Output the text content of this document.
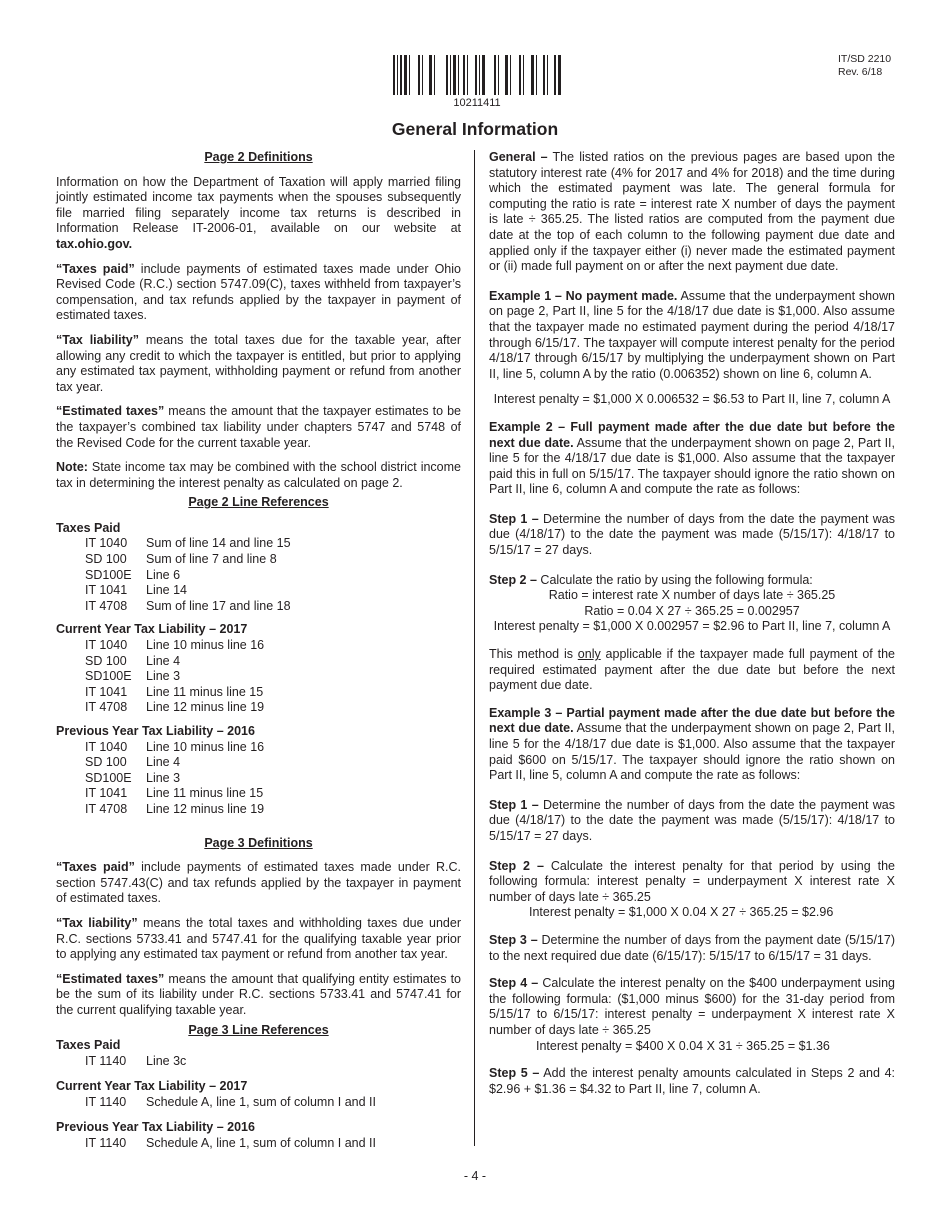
10211411
IT/SD 2210
Rev. 6/18
General Information
Page 2 Definitions

Information on how the Department of Taxation will apply married filing jointly estimated income tax payments when the spouses subsequently file married filing separately income tax returns is described in Information Release IT-2006-01, available on our website at tax.ohio.gov.

“Taxes paid” include payments of estimated taxes made under Ohio Revised Code (R.C.) section 5747.09(C), taxes withheld from taxpayer’s compensation, and tax refunds applied by the taxpayer in payment of estimated taxes.

“Tax liability” means the total taxes due for the taxable year, after allowing any credit to which the taxpayer is entitled, but prior to applying any estimated tax payment, withholding payment or refund from another tax year.

“Estimated taxes” means the amount that the taxpayer estimates to be the taxpayer’s combined tax liability under chapters 5747 and 5748 of the Revised Code for the current taxable year.

Note: State income tax may be combined with the school district income tax in determining the interest penalty as calculated on page 2.

Page 2 Line References
Taxes Paid
IT 1040	Sum of line 14 and line 15
SD 100	Sum of line 7 and line 8
SD100E	Line 6
IT 1041	Line 14
IT 4708	Sum of line 17 and line 18
Current Year Tax Liability – 2017
IT 1040	Line 10 minus line 16
SD 100	Line 4
SD100E	Line 3
IT 1041	Line 11 minus line 15
IT 4708	Line 12 minus line 19
Previous Year Tax Liability – 2016
IT 1040	Line 10 minus line 16
SD 100	Line 4
SD100E	Line 3
IT 1041	Line 11 minus line 15
IT 4708	Line 12 minus line 19
Page 3 Definitions

“Taxes paid” include payments of estimated taxes made under R.C. section 5747.43(C) and tax refunds applied by the taxpayer in payment of estimated taxes.

“Tax liability” means the total taxes and withholding taxes due under R.C. sections 5733.41 and 5747.41 for the qualifying taxable year prior to applying any estimated tax payment or refund from another tax year.

“Estimated taxes” means the amount that qualifying entity estimates to be the sum of its liability under R.C. sections 5733.41 and 5747.41 for the current qualifying taxable year.

Page 3 Line References
Taxes Paid
IT 1140	Line 3c
Current Year Tax Liability – 2017
IT 1140	Schedule A, line 1, sum of column I and II
Previous Year Tax Liability – 2016
IT 1140	Schedule A, line 1, sum of column I and II

General – The listed ratios on the previous pages are based upon the statutory interest rate (4% for 2017 and 4% for 2018) and the time during which the estimated payment was late. The general formula for computing the ratio is rate = interest rate X number of days the payment is late ÷ 365.25. The listed ratios are computed from the payment due date at the top of each column to the following payment due date and applied only if the taxpayer either (i) never made the estimated payment or (ii) made full payment on or after the next payment due date.

Example 1 – No payment made. Assume that the underpayment shown on page 2, Part II, line 5 for the 4/18/17 due date is $1,000. Also assume that the taxpayer made no estimated payment during the period 4/18/17 through 6/15/17. The taxpayer will compute interest penalty for the period 4/18/17 through 6/15/17 by multiplying the underpayment shown on Part II, line 5, column A by the ratio (0.006352) shown on line 6, column A.

Interest penalty = $1,000 X 0.006532 = $6.53 to Part II, line 7, column A

Example 2 – Full payment made after the due date but before the next due date. Assume that the underpayment shown on page 2, Part II, line 5 for the 4/18/17 due date is $1,000. Also assume that the taxpayer paid this in full on 5/15/17. The taxpayer should ignore the ratio shown on Part II, line 6, column A and compute the rate as follows:

Step 1 – Determine the number of days from the date the payment was due (4/18/17) to the date the payment was made (5/15/17): 4/18/17 to 5/15/17 = 27 days.

Step 2 – Calculate the ratio by using the following formula:
Ratio = interest rate X number of days late ÷ 365.25
Ratio = 0.04 X 27 ÷ 365.25 = 0.002957
Interest penalty = $1,000 X 0.002957 = $2.96 to Part II, line 7, column A

This method is only applicable if the taxpayer made full payment of the required estimated payment after the due date but before the next payment due date.

Example 3 – Partial payment made after the due date but before the next due date. Assume that the underpayment shown on page 2, Part II, line 5 for the 4/18/17 due date is $1,000. Also assume that the taxpayer paid $600 on 5/15/17. The taxpayer should ignore the ratio shown on Part II, line 5, column A and compute the rate as follows:

Step 1 – Determine the number of days from the date the payment was due (4/18/17) to the date the payment was made (5/15/17): 4/18/17 to 5/15/17 = 27 days.

Step 2 – Calculate the interest penalty for that period by using the following formula: interest penalty = underpayment X interest rate X number of days late ÷ 365.25
Interest penalty = $1,000 X 0.04 X 27 ÷ 365.25 = $2.96

Step 3 – Determine the number of days from the payment date (5/15/17) to the next required due date (6/15/17): 5/15/17 to 6/15/17 = 31 days.

Step 4 – Calculate the interest penalty on the $400 underpayment using the following formula: ($1,000 minus $600) for the 31-day period from 5/15/17 to 6/15/17: interest penalty = underpayment X interest rate X number of days late ÷ 365.25
Interest penalty = $400 X 0.04 X 31 ÷ 365.25 = $1.36

Step 5 – Add the interest penalty amounts calculated in Steps 2 and 4: $2.96 + $1.36 = $4.32 to Part II, line 7, column A.

- 4 -
